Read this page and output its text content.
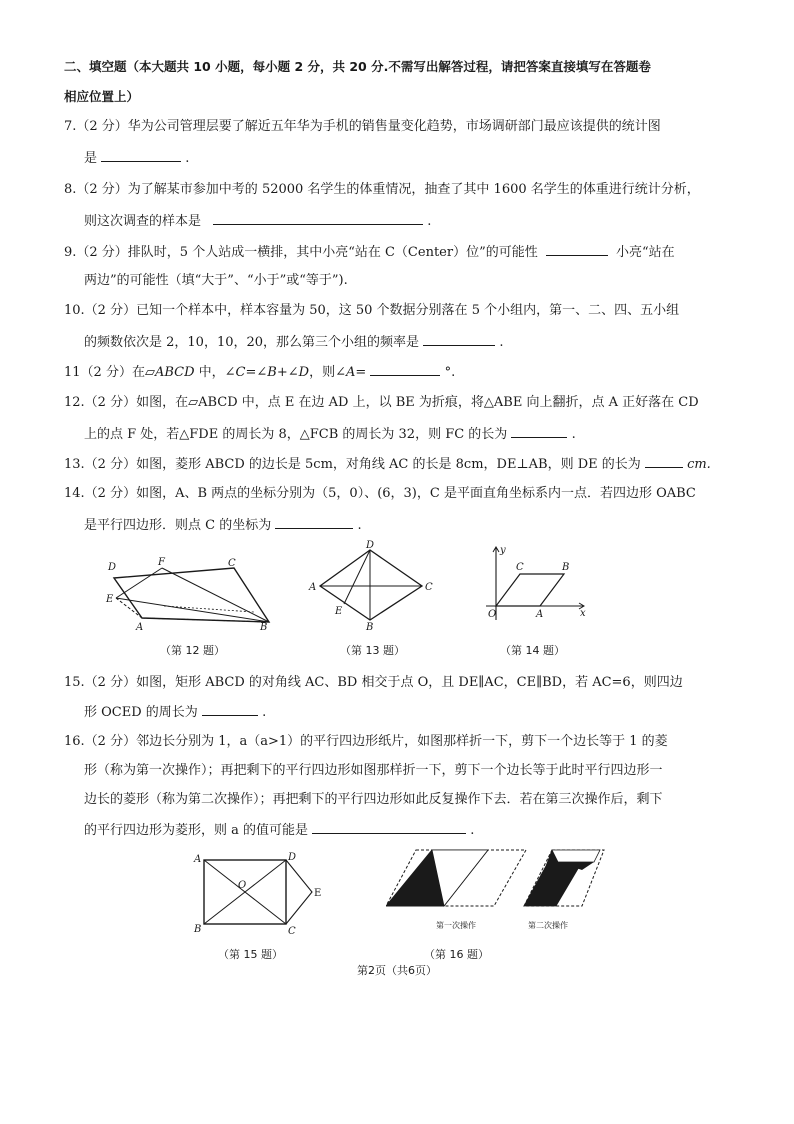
二、填空题（本大题共 10 小题，每小题 2 分，共 20 分.不需写出解答过程，请把答案直接填写在答题卷
相应位置上）
7.（2 分）华为公司管理层要了解近五年华为手机的销售量变化趋势，市场调研部门最应该提供的统计图
是	.
8.（2 分）为了解某市参加中考的 52000 名学生的体重情况，抽查了其中 1600 名学生的体重进行统计分析，
则这次调查的样本是	.
9.（2 分）排队时，5 个人站成一横排，其中小亮“站在 C（Center）位”的可能性	小亮“站在
两边”的可能性（填“大于”、“小于”或“等于”).
10.（2 分）已知一个样本中，样本容量为 50，这 50 个数据分别落在 5 个小组内，第一、二、四、五小组
的频数依次是 2，10，10，20，那么第三个小组的频率是	.
11（2 分）在▱ABCD 中，∠C=∠B+∠D，则∠A=	°.
12.（2 分）如图，在▱ABCD 中，点 E 在边 AD 上，以 BE 为折痕，将△ABE 向上翻折，点 A 正好落在 CD
上的点 F 处，若△FDE 的周长为 8，△FCB 的周长为 32，则 FC 的长为	.
13.（2 分）如图，菱形 ABCD 的边长是 5cm，对角线 AC 的长是 8cm，DE⊥AB，则 DE 的长为	cm.
14.（2 分）如图，A、B 两点的坐标分别为（5，0）、(6，3)，C 是平面直角坐标系内一点．若四边形 OABC
是平行四边形．则点 C 的坐标为	.
D	F	C
E
A	B
（第 12 题）
D
A	C
E
B
（第 13 题）
y
C	B
O	A	x
（第 14 题）
15.（2 分）如图，矩形 ABCD 的对角线 AC、BD 相交于点 O，且 DE∥AC，CE∥BD，若 AC=6，则四边
形 OCED 的周长为	.
16.（2 分）邻边长分别为 1，a（a>1）的平行四边形纸片，如图那样折一下，剪下一个边长等于 1 的菱
形（称为第一次操作）；再把剩下的平行四边形如图那样折一下，剪下一个边长等于此时平行四边形一
边长的菱形（称为第二次操作）；再把剩下的平行四边形如此反复操作下去．若在第三次操作后，剩下
的平行四边形为菱形，则 a 的值可能是	.
A	D
O
E
B	C
（第 15 题）
第一次操作	第二次操作
（第 16 题）
第2页（共6页）
